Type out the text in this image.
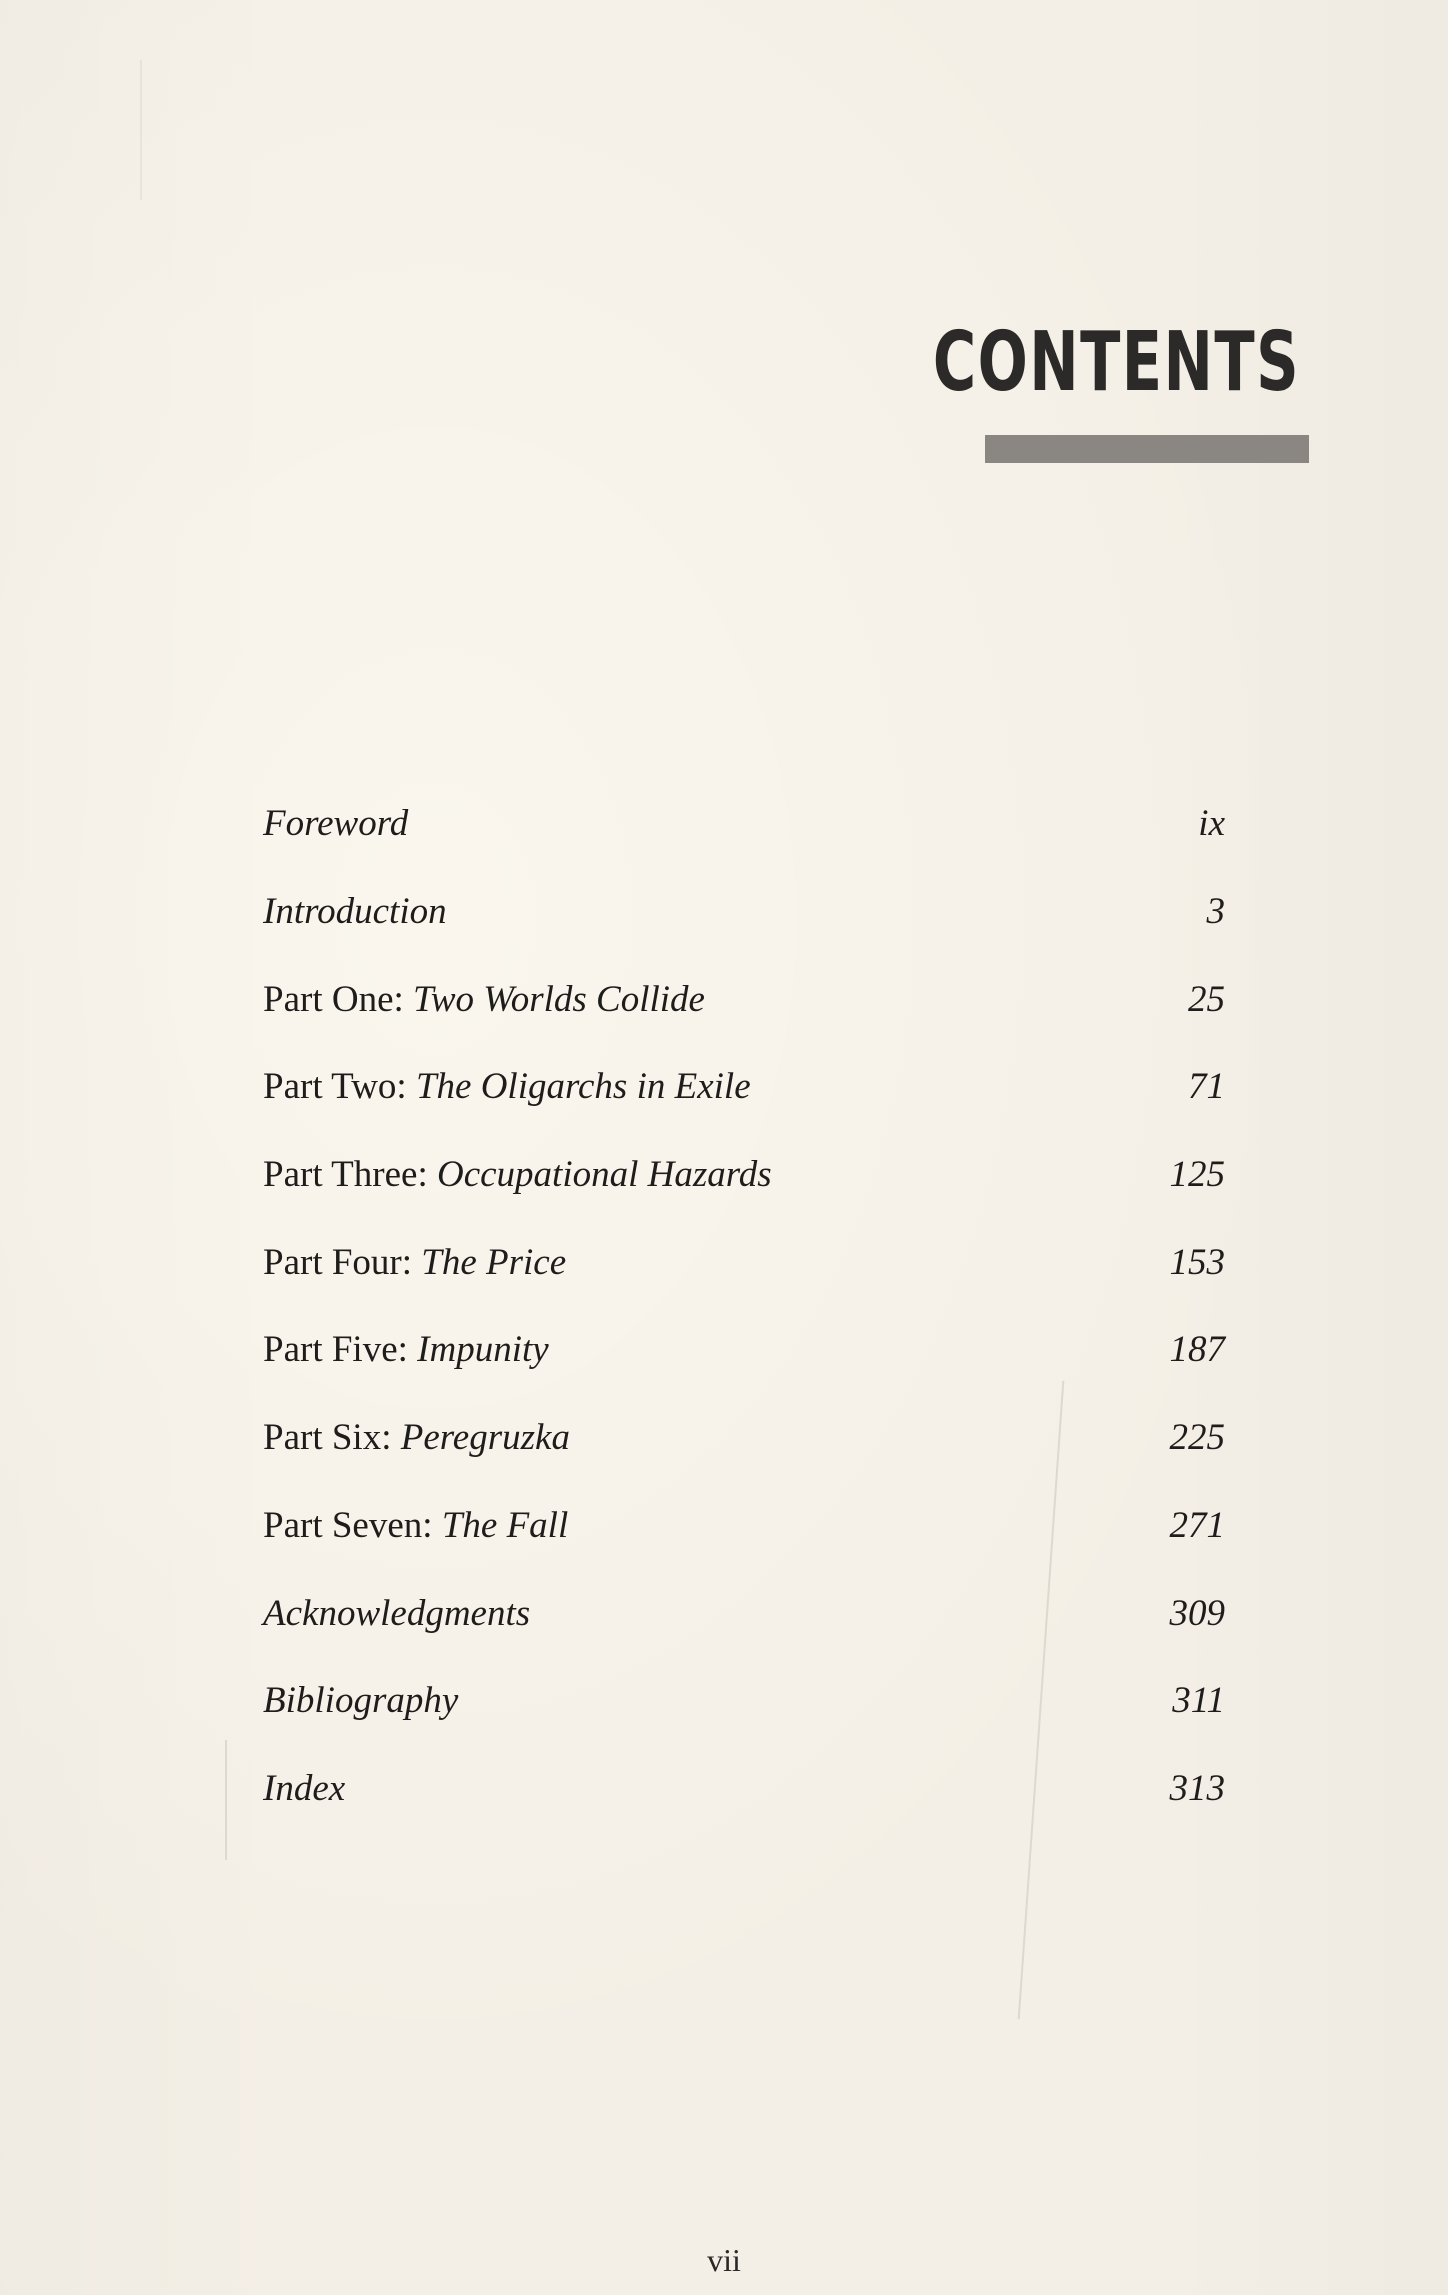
CONTENTS
Foreword	ix
Introduction	3
Part One: Two Worlds Collide	25
Part Two: The Oligarchs in Exile	71
Part Three: Occupational Hazards	125
Part Four: The Price	153
Part Five: Impunity	187
Part Six: Peregruzka	225
Part Seven: The Fall	271
Acknowledgments	309
Bibliography	311
Index	313

vii
